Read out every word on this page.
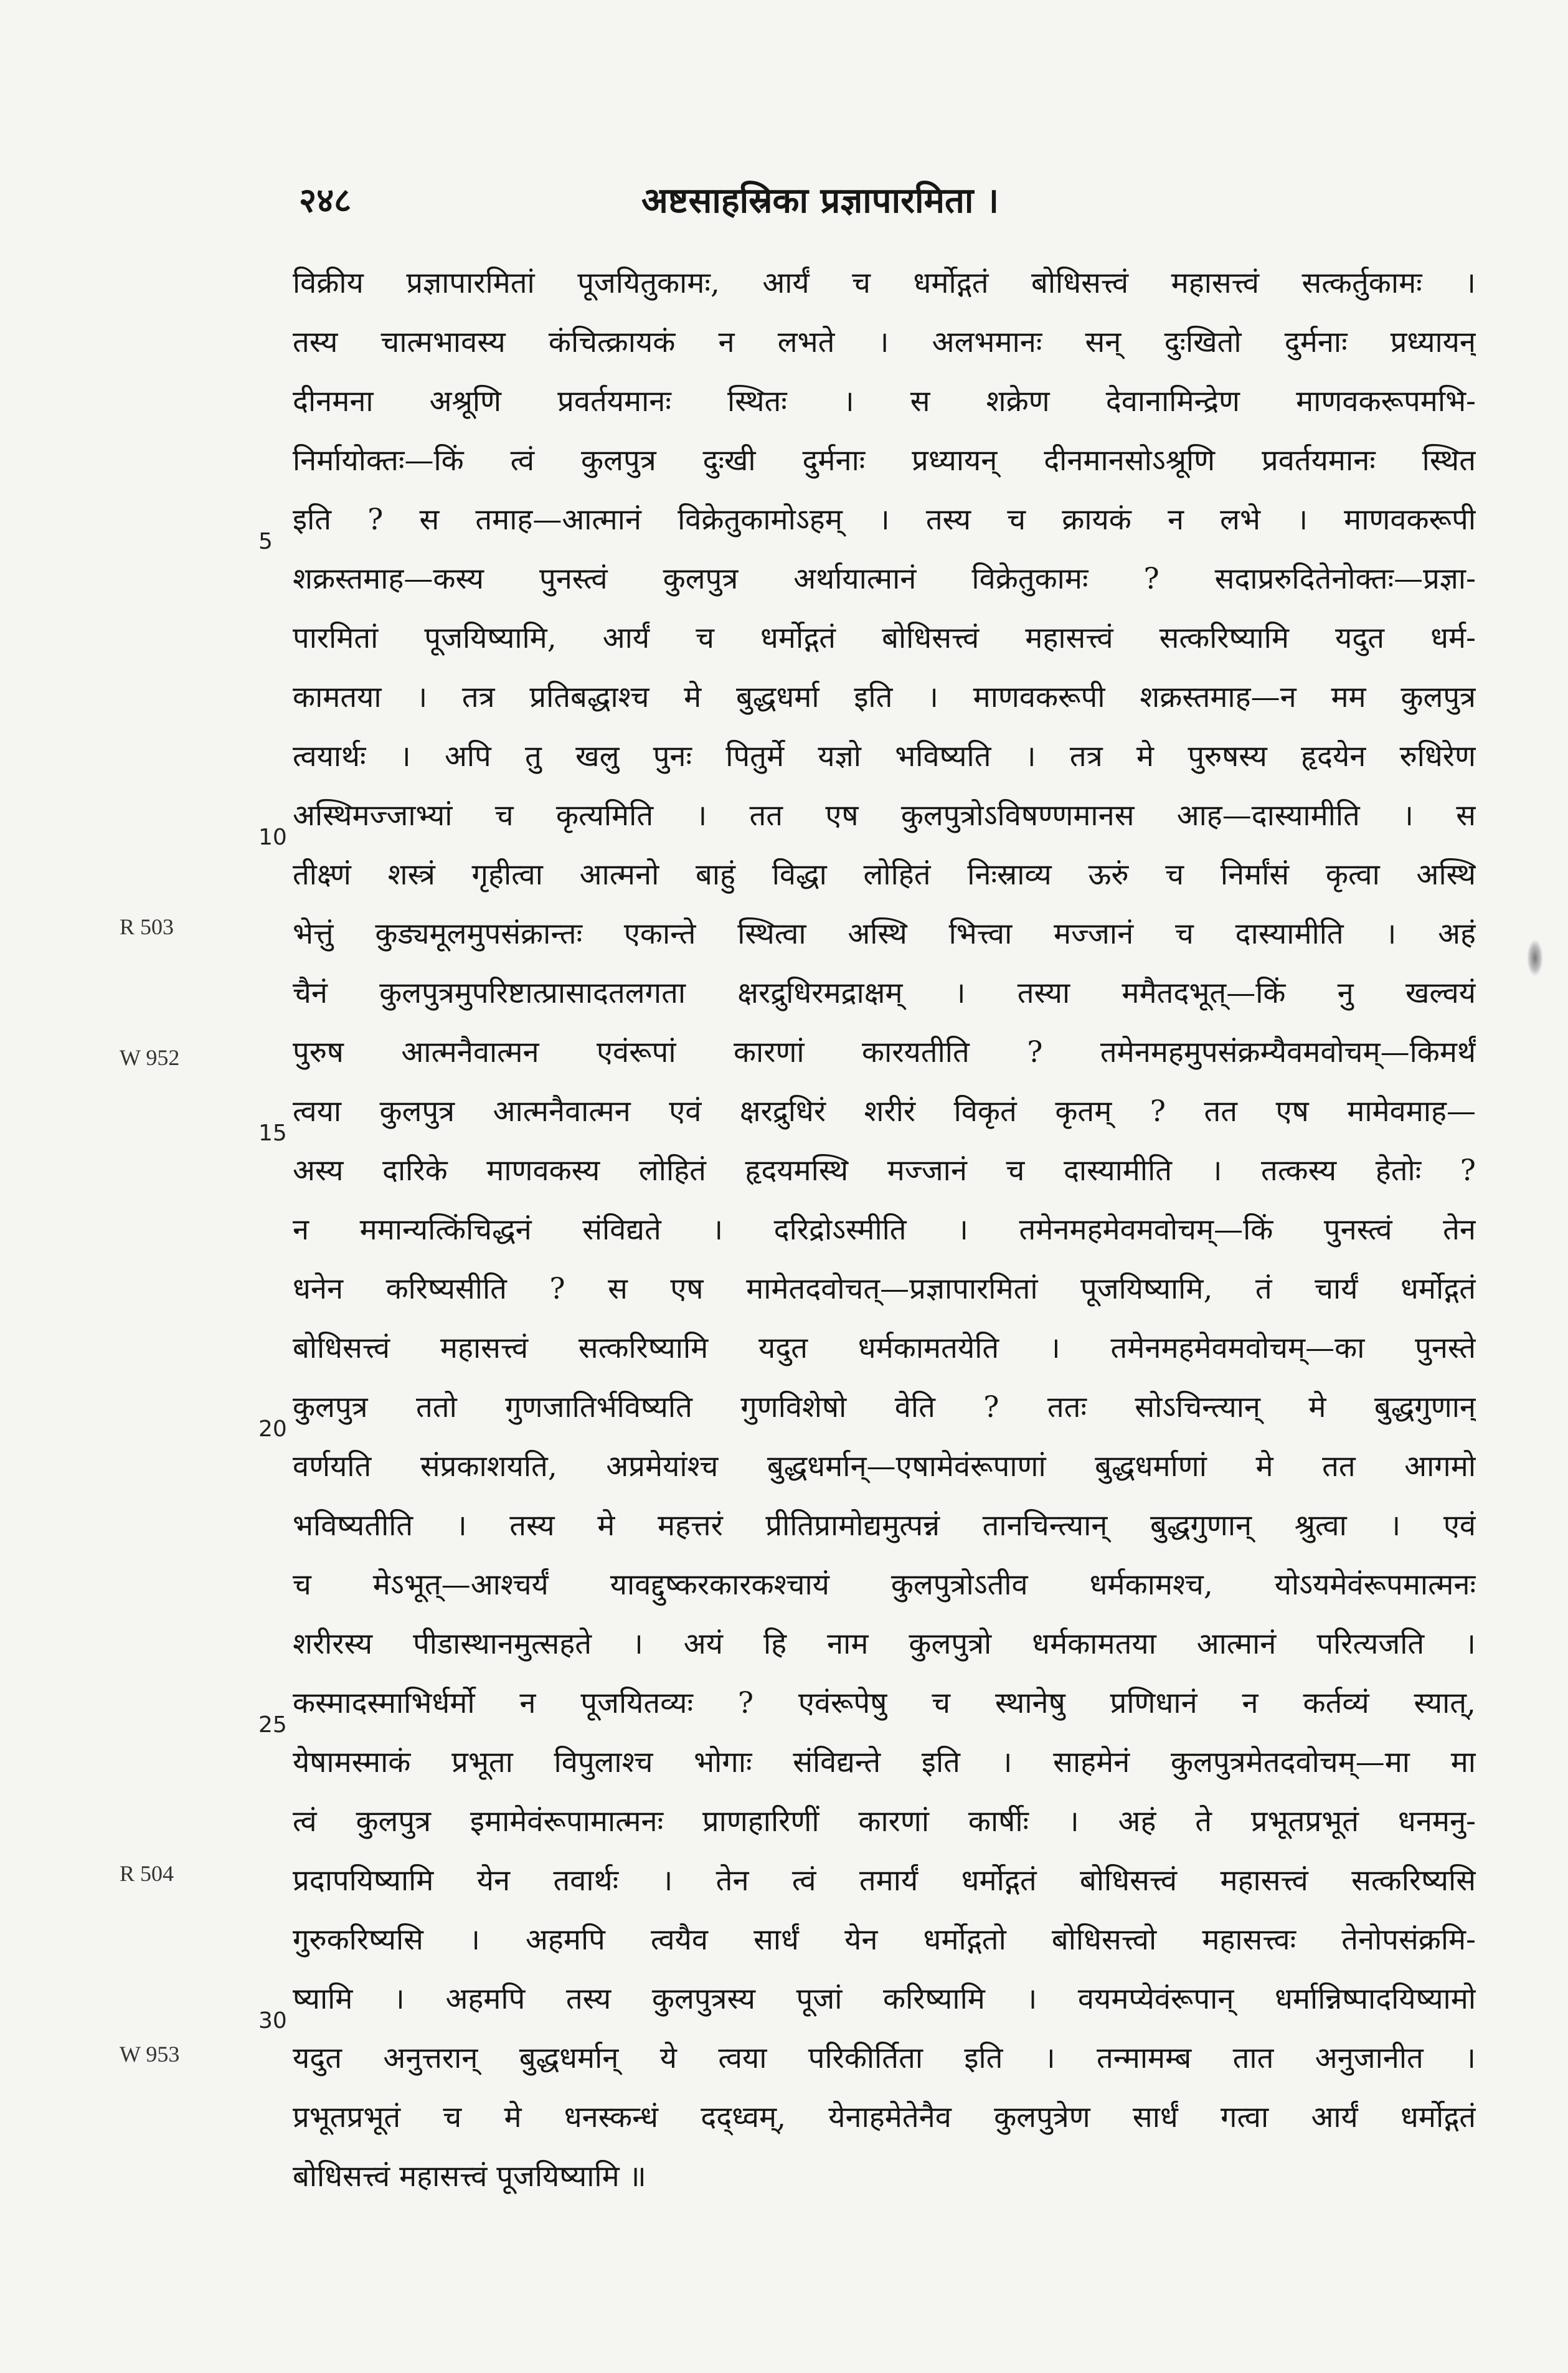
२४८	अष्टसाहस्रिका प्रज्ञापारमिता ।
विक्रीय प्रज्ञापारमितां पूजयितुकामः, आर्यं च धर्मोद्गतं बोधिसत्त्वं महासत्त्वं सत्कर्तुकामः ।
तस्य चात्मभावस्य कंचित्क्रायकं न लभते । अलभमानः सन् दुःखितो दुर्मनाः प्रध्यायन्
दीनमना अश्रूणि प्रवर्तयमानः स्थितः । स शक्रेण देवानामिन्द्रेण माणवकरूपमभि-
निर्मायोक्तः—किं त्वं कुलपुत्र दुःखी दुर्मनाः प्रध्यायन् दीनमानसोऽश्रूणि प्रवर्तयमानः स्थित
इति ? स तमाह—आत्मानं विक्रेतुकामोऽहम् । तस्य च क्रायकं न लभे । माणवकरूपी
शक्रस्तमाह—कस्य पुनस्त्वं कुलपुत्र अर्थायात्मानं विक्रेतुकामः ? सदाप्ररुदितेनोक्तः—प्रज्ञा-
पारमितां पूजयिष्यामि, आर्यं च धर्मोद्गतं बोधिसत्त्वं महासत्त्वं सत्करिष्यामि यदुत धर्म-
कामतया । तत्र प्रतिबद्धाश्च मे बुद्धधर्मा इति । माणवकरूपी शक्रस्तमाह—न मम कुलपुत्र
त्वयार्थः । अपि तु खलु पुनः पितुर्मे यज्ञो भविष्यति । तत्र मे पुरुषस्य हृदयेन रुधिरेण
अस्थिमज्जाभ्यां च कृत्यमिति । तत एष कुलपुत्रोऽविषण्णमानस आह—दास्यामीति । स
तीक्ष्णं शस्त्रं गृहीत्वा आत्मनो बाहुं विद्धा लोहितं निःस्राव्य ऊरुं च निर्मांसं कृत्वा अस्थि
भेत्तुं कुड्यमूलमुपसंक्रान्तः एकान्ते स्थित्वा अस्थि भित्त्वा मज्जानं च दास्यामीति । अहं
चैनं कुलपुत्रमुपरिष्टात्प्रासादतलगता क्षरद्रुधिरमद्राक्षम् । तस्या ममैतदभूत्—किं नु खल्वयं
पुरुष आत्मनैवात्मन एवंरूपां कारणां कारयतीति ? तमेनमहमुपसंक्रम्यैवमवोचम्—किमर्थं
त्वया कुलपुत्र आत्मनैवात्मन एवं क्षरद्रुधिरं शरीरं विकृतं कृतम् ? तत एष मामेवमाह—
अस्य दारिके माणवकस्य लोहितं हृदयमस्थि मज्जानं च दास्यामीति । तत्कस्य हेतोः ?
न ममान्यत्किंचिद्धनं संविद्यते । दरिद्रोऽस्मीति । तमेनमहमेवमवोचम्—किं पुनस्त्वं तेन
धनेन करिष्यसीति ? स एष मामेतदवोचत्—प्रज्ञापारमितां पूजयिष्यामि, तं चार्यं धर्मोद्गतं
बोधिसत्त्वं महासत्त्वं सत्करिष्यामि यदुत धर्मकामतयेति । तमेनमहमेवमवोचम्—का पुनस्ते
कुलपुत्र ततो गुणजातिर्भविष्यति गुणविशेषो वेति ? ततः सोऽचिन्त्यान् मे बुद्धगुणान्
वर्णयति संप्रकाशयति, अप्रमेयांश्च बुद्धधर्मान्—एषामेवंरूपाणां बुद्धधर्माणां मे तत आगमो
भविष्यतीति । तस्य मे महत्तरं प्रीतिप्रामोद्यमुत्पन्नं तानचिन्त्यान् बुद्धगुणान् श्रुत्वा । एवं
च मेऽभूत्—आश्चर्यं यावद्दुष्करकारकश्चायं कुलपुत्रोऽतीव धर्मकामश्च, योऽयमेवंरूपमात्मनः
शरीरस्य पीडास्थानमुत्सहते । अयं हि नाम कुलपुत्रो धर्मकामतया आत्मानं परित्यजति ।
कस्मादस्माभिर्धर्मो न पूजयितव्यः ? एवंरूपेषु च स्थानेषु प्रणिधानं न कर्तव्यं स्यात्,
येषामस्माकं प्रभूता विपुलाश्च भोगाः संविद्यन्ते इति । साहमेनं कुलपुत्रमेतदवोचम्—मा मा
त्वं कुलपुत्र इमामेवंरूपामात्मनः प्राणहारिणीं कारणां कार्षीः । अहं ते प्रभूतप्रभूतं धनमनु-
प्रदापयिष्यामि येन तवार्थः । तेन त्वं तमार्यं धर्मोद्गतं बोधिसत्त्वं महासत्त्वं सत्करिष्यसि
गुरुकरिष्यसि । अहमपि त्वयैव सार्धं येन धर्मोद्गतो बोधिसत्त्वो महासत्त्वः तेनोपसंक्रमि-
ष्यामि । अहमपि तस्य कुलपुत्रस्य पूजां करिष्यामि । वयमप्येवंरूपान् धर्मान्निष्पादयिष्यामो
यदुत अनुत्तरान् बुद्धधर्मान् ये त्वया परिकीर्तिता इति । तन्मामम्ब तात अनुजानीत ।
प्रभूतप्रभूतं च मे धनस्कन्धं दद्ध्वम्, येनाहमेतेनैव कुलपुत्रेण सार्धं गत्वा आर्यं धर्मोद्गतं
बोधिसत्त्वं महासत्त्वं पूजयिष्यामि ॥
5
10
15
20
25
30
R 503
W 952
R 504
W 953
